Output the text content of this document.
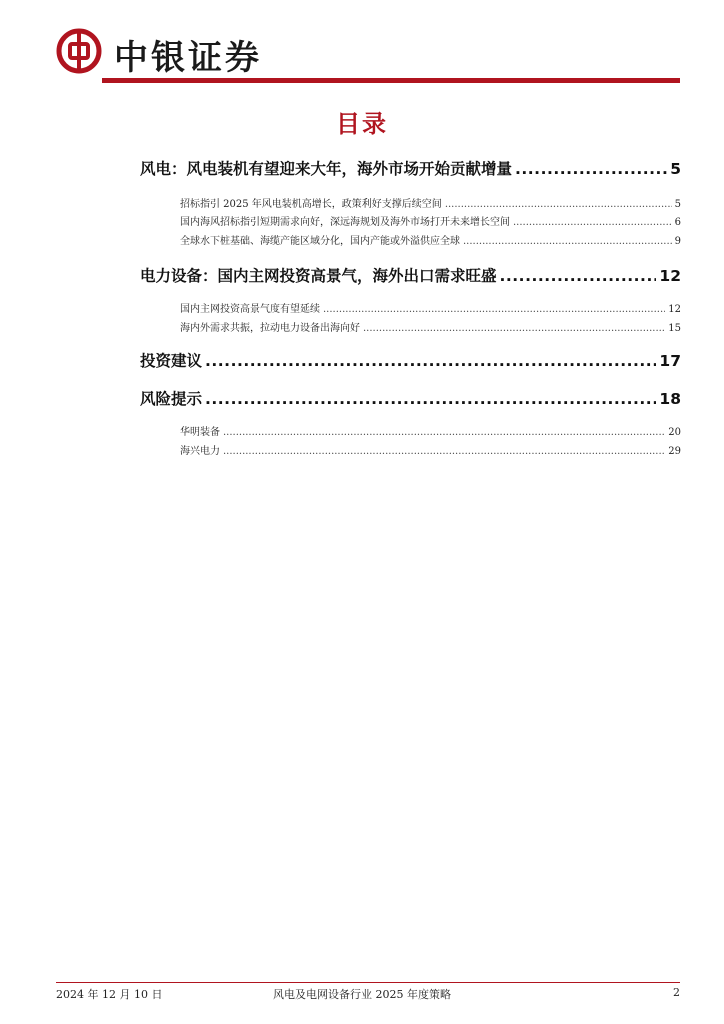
中银证券
目录
风电：风电装机有望迎来大年，海外市场开始贡献增量 .....	5
招标指引 2025 年风电装机高增长，政策利好支撑后续空间 .....	5
国内海风招标指引短期需求向好，深远海规划及海外市场打开未来增长空间 .....	6
全球水下桩基础、海缆产能区域分化，国内产能或外溢供应全球 .....	9
电力设备：国内主网投资高景气，海外出口需求旺盛 .....	12
国内主网投资高景气度有望延续 .....	12
海内外需求共振，拉动电力设备出海向好 .....	15
投资建议 .....	17
风险提示 .....	18
华明装备 .....	20
海兴电力 .....	29
2024 年 12 月 10 日	风电及电网设备行业 2025 年度策略	2
